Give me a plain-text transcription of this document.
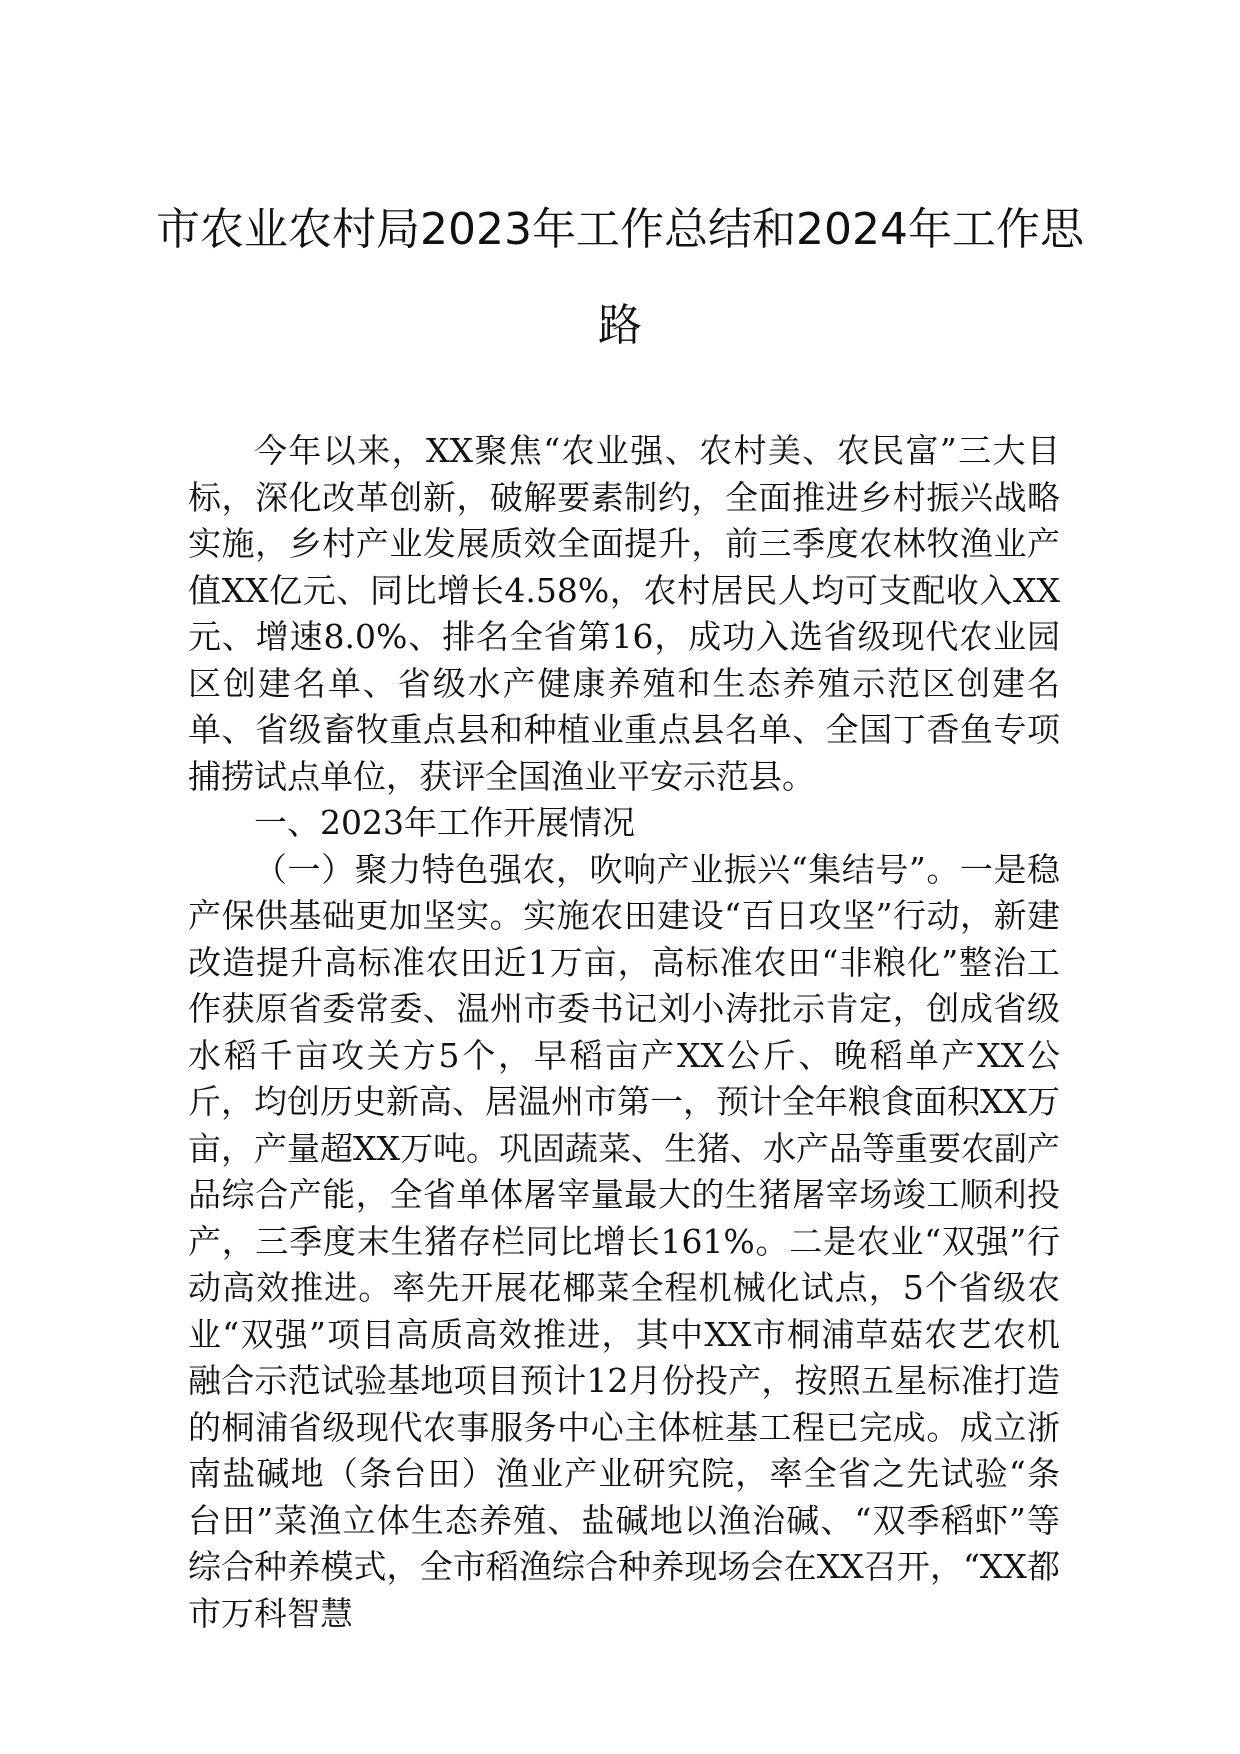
市农业农村局2023年工作总结和2024年工作思路

今年以来，XX聚焦“农业强、农村美、农民富”三大目标，深化改革创新，破解要素制约，全面推进乡村振兴战略实施，乡村产业发展质效全面提升，前三季度农林牧渔业产值XX亿元、同比增长4.58%，农村居民人均可支配收入XX元、增速8.0%、排名全省第16，成功入选省级现代农业园区创建名单、省级水产健康养殖和生态养殖示范区创建名单、省级畜牧重点县和种植业重点县名单、全国丁香鱼专项捕捞试点单位，获评全国渔业平安示范县。

一、2023年工作开展情况

（一）聚力特色强农，吹响产业振兴“集结号”。一是稳产保供基础更加坚实。实施农田建设“百日攻坚”行动，新建改造提升高标准农田近1万亩，高标准农田“非粮化”整治工作获原省委常委、温州市委书记刘小涛批示肯定，创成省级水稻千亩攻关方5个，早稻亩产XX公斤、晚稻单产XX公斤，均创历史新高、居温州市第一，预计全年粮食面积XX万亩，产量超XX万吨。巩固蔬菜、生猪、水产品等重要农副产品综合产能，全省单体屠宰量最大的生猪屠宰场竣工顺利投产，三季度末生猪存栏同比增长161%。二是农业“双强”行动高效推进。率先开展花椰菜全程机械化试点，5个省级农业“双强”项目高质高效推进，其中XX市桐浦草菇农艺农机融合示范试验基地项目预计12月份投产，按照五星标准打造的桐浦省级现代农事服务中心主体桩基工程已完成。成立浙南盐碱地（条台田）渔业产业研究院，率全省之先试验“条台田”菜渔立体生态养殖、盐碱地以渔治碱、“双季稻虾”等综合种养模式，全市稻渔综合种养现场会在XX召开，“XX都市万科智慧
